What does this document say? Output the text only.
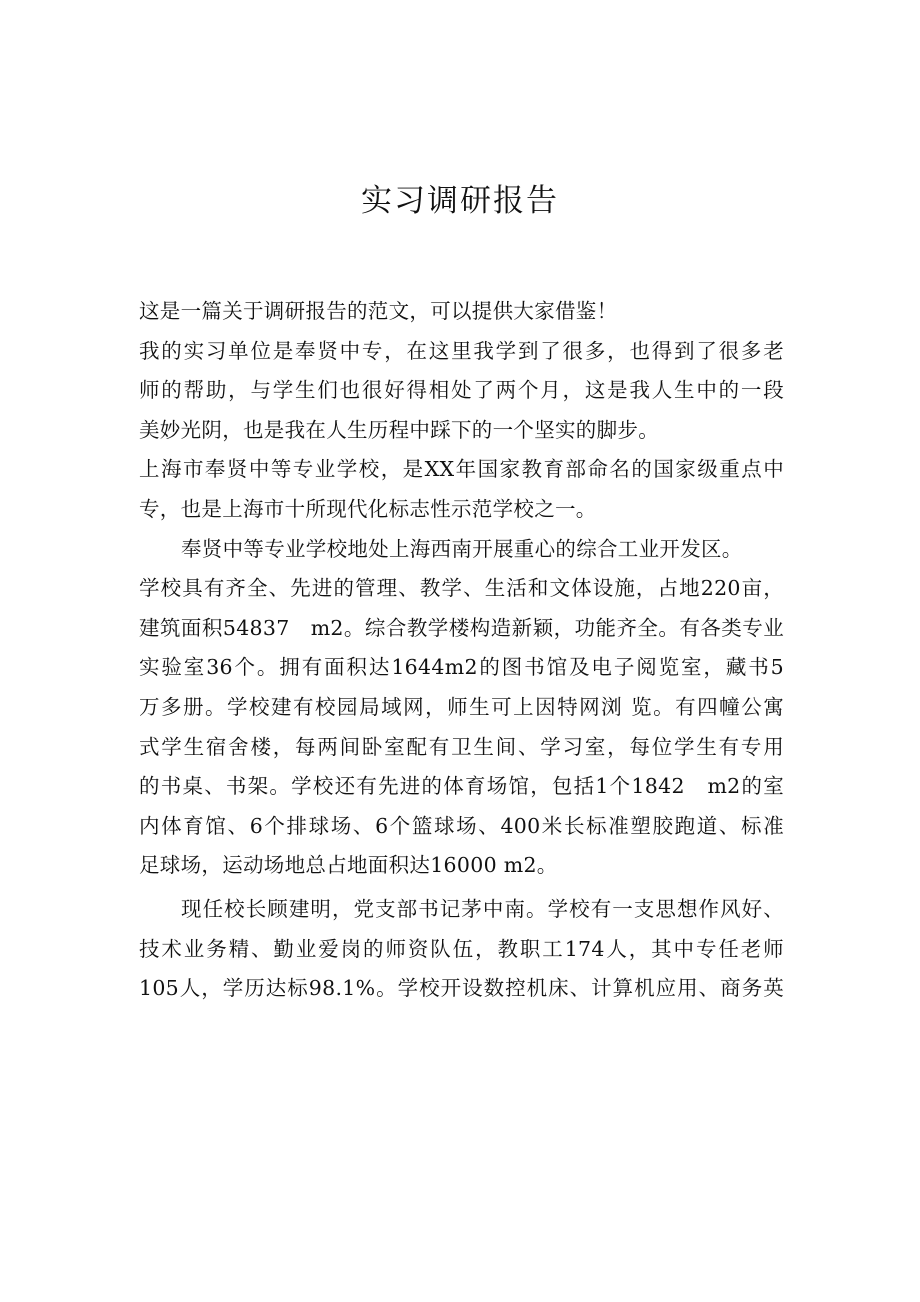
实习调研报告
这是一篇关于调研报告的范文，可以提供大家借鉴！
我的实习单位是奉贤中专，在这里我学到了很多，也得到了很多老
师的帮助，与学生们也很好得相处了两个月，这是我人生中的一段
美妙光阴，也是我在人生历程中踩下的一个坚实的脚步。
上海市奉贤中等专业学校，是XX年国家教育部命名的国家级重点中
专，也是上海市十所现代化标志性示范学校之一。
奉贤中等专业学校地处上海西南开展重心的综合工业开发区。
学校具有齐全、先进的管理、教学、生活和文体设施，占地220亩，
建筑面积54837　m2。综合教学楼构造新颖，功能齐全。有各类专业
实验室36个。拥有面积达1644m2的图书馆及电子阅览室，藏书5
万多册。学校建有校园局域网，师生可上因特网浏 览。有四幢公寓
式学生宿舍楼，每两间卧室配有卫生间、学习室，每位学生有专用
的书桌、书架。学校还有先进的体育场馆，包括1个1842　m2的室
内体育馆、6个排球场、6个篮球场、400米长标准塑胶跑道、标准
足球场，运动场地总占地面积达16000 m2。
现任校长顾建明，党支部书记茅中南。学校有一支思想作风好、
技术业务精、勤业爱岗的师资队伍，教职工174人，其中专任老师
105人，学历达标98.1%。学校开设数控机床、计算机应用、商务英
